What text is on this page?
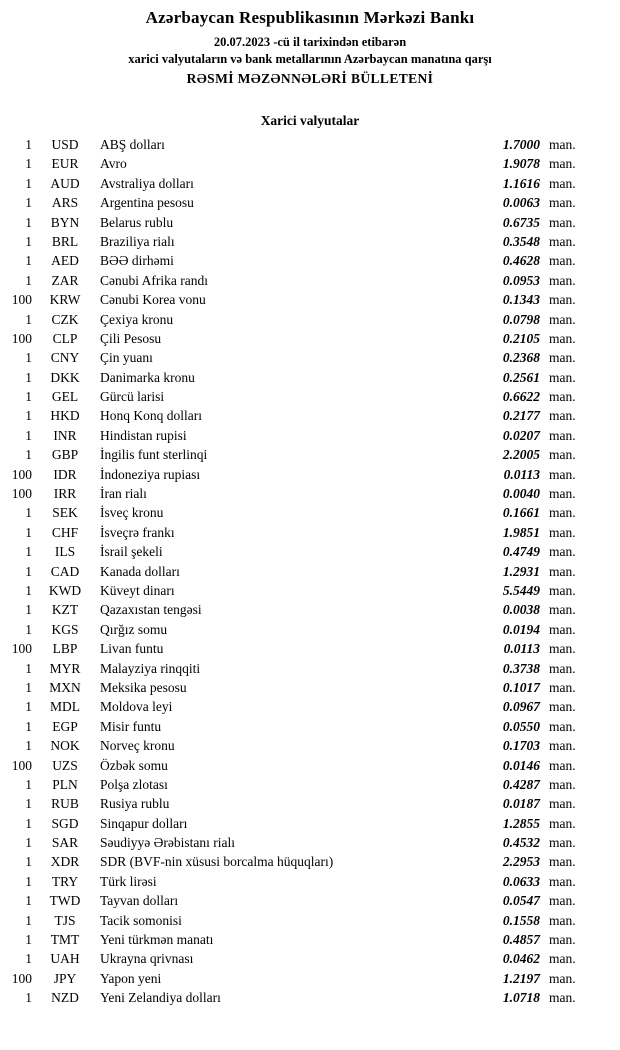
Azərbaycan Respublikasının Mərkəzi Bankı
20.07.2023 -cü il tarixindən etibarən
xarici valyutaların və bank metallarının Azərbaycan manatına qarşı
RƏSMİ MƏZƏNNƏLƏRİ BÜLLETENİ
Xarici valyutalar
1	USD	ABŞ dolları	1.7000 man.
1	EUR	Avro	1.9078 man.
1	AUD	Avstraliya dolları	1.1616 man.
1	ARS	Argentina pesosu	0.0063 man.
1	BYN	Belarus rublu	0.6735 man.
1	BRL	Braziliya rialı	0.3548 man.
1	AED	BƏƏ dirhəmi	0.4628 man.
1	ZAR	Cənubi Afrika randı	0.0953 man.
100	KRW	Cənubi Korea vonu	0.1343 man.
1	CZK	Çexiya kronu	0.0798 man.
100	CLP	Çili Pesosu	0.2105 man.
1	CNY	Çin yuanı	0.2368 man.
1	DKK	Danimarka kronu	0.2561 man.
1	GEL	Gürcü larisi	0.6622 man.
1	HKD	Honq Konq dolları	0.2177 man.
1	INR	Hindistan rupisi	0.0207 man.
1	GBP	İngilis funt sterlinqi	2.2005 man.
100	IDR	İndoneziya rupiası	0.0113 man.
100	IRR	İran rialı	0.0040 man.
1	SEK	İsveç kronu	0.1661 man.
1	CHF	İsveçrə frankı	1.9851 man.
1	ILS	İsrail şekeli	0.4749 man.
1	CAD	Kanada dolları	1.2931 man.
1	KWD	Küveyt dinarı	5.5449 man.
1	KZT	Qazaxıstan tengəsi	0.0038 man.
1	KGS	Qırğız somu	0.0194 man.
100	LBP	Livan funtu	0.0113 man.
1	MYR	Malayziya rinqqiti	0.3738 man.
1	MXN	Meksika pesosu	0.1017 man.
1	MDL	Moldova leyi	0.0967 man.
1	EGP	Misir funtu	0.0550 man.
1	NOK	Norveç kronu	0.1703 man.
100	UZS	Özbək somu	0.0146 man.
1	PLN	Polşa zlotası	0.4287 man.
1	RUB	Rusiya rublu	0.0187 man.
1	SGD	Sinqapur dolları	1.2855 man.
1	SAR	Səudiyyə Ərəbistanı rialı	0.4532 man.
1	XDR	SDR (BVF-nin xüsusi borcalma hüquqları)	2.2953 man.
1	TRY	Türk lirəsi	0.0633 man.
1	TWD	Tayvan dolları	0.0547 man.
1	TJS	Tacik somonisi	0.1558 man.
1	TMT	Yeni türkmən manatı	0.4857 man.
1	UAH	Ukrayna qrivnası	0.0462 man.
100	JPY	Yapon yeni	1.2197 man.
1	NZD	Yeni Zelandiya dolları	1.0718 man.
